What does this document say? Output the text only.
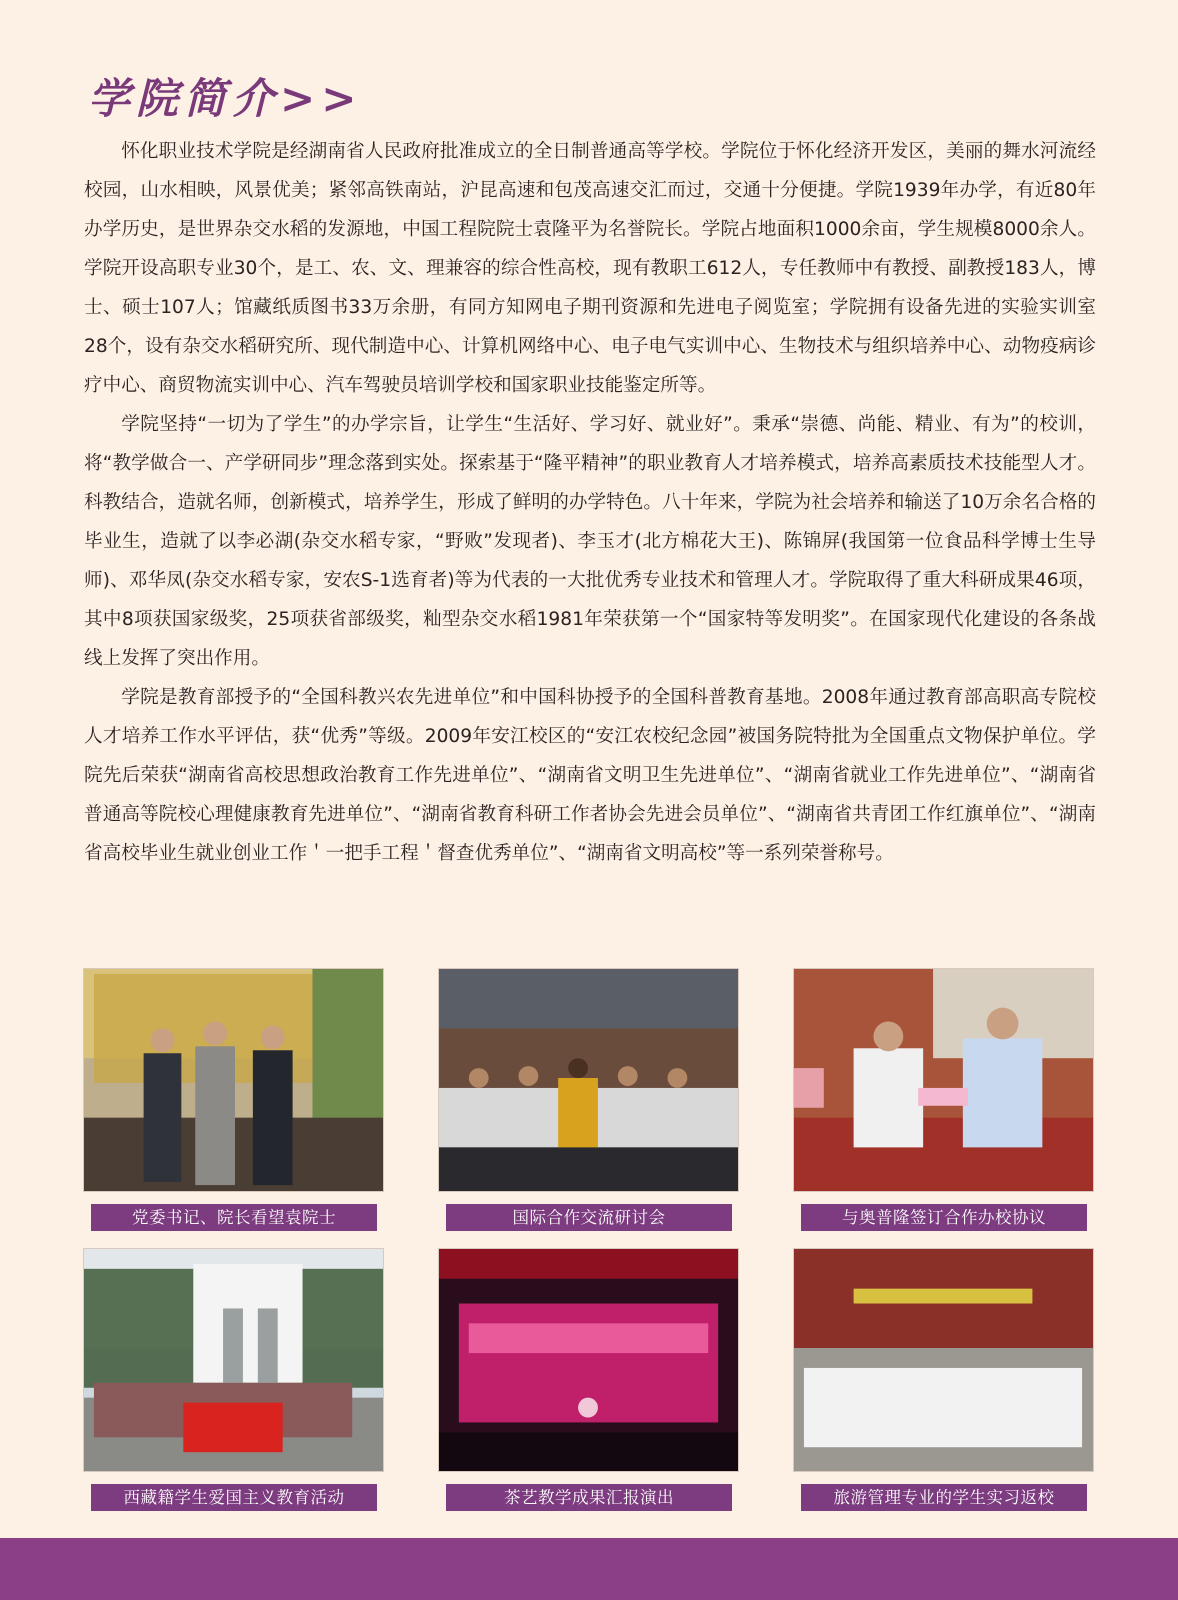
学院简介>>

怀化职业技术学院是经湖南省人民政府批准成立的全日制普通高等学校。学院位于怀化经济开发区，美丽的舞水河流经校园，山水相映，风景优美；紧邻高铁南站，沪昆高速和包茂高速交汇而过，交通十分便捷。学院1939年办学，有近80年办学历史，是世界杂交水稻的发源地，中国工程院院士袁隆平为名誉院长。学院占地面积1000余亩，学生规模8000余人。学院开设高职专业30个，是工、农、文、理兼容的综合性高校，现有教职工612人，专任教师中有教授、副教授183人，博士、硕士107人；馆藏纸质图书33万余册，有同方知网电子期刊资源和先进电子阅览室；学院拥有设备先进的实验实训室28个，设有杂交水稻研究所、现代制造中心、计算机网络中心、电子电气实训中心、生物技术与组织培养中心、动物疫病诊疗中心、商贸物流实训中心、汽车驾驶员培训学校和国家职业技能鉴定所等。

学院坚持“一切为了学生”的办学宗旨，让学生“生活好、学习好、就业好”。秉承“崇德、尚能、精业、有为”的校训，将“教学做合一、产学研同步”理念落到实处。探索基于“隆平精神”的职业教育人才培养模式，培养高素质技术技能型人才。科教结合，造就名师，创新模式，培养学生，形成了鲜明的办学特色。八十年来，学院为社会培养和输送了10万余名合格的毕业生，造就了以李必湖(杂交水稻专家，“野败”发现者)、李玉才(北方棉花大王)、陈锦屏(我国第一位食品科学博士生导师)、邓华凤(杂交水稻专家，安农S-1选育者)等为代表的一大批优秀专业技术和管理人才。学院取得了重大科研成果46项，其中8项获国家级奖，25项获省部级奖，籼型杂交水稻1981年荣获第一个“国家特等发明奖”。在国家现代化建设的各条战线上发挥了突出作用。

学院是教育部授予的“全国科教兴农先进单位”和中国科协授予的全国科普教育基地。2008年通过教育部高职高专院校人才培养工作水平评估，获“优秀”等级。2009年安江校区的“安江农校纪念园”被国务院特批为全国重点文物保护单位。学院先后荣获“湖南省高校思想政治教育工作先进单位”、“湖南省文明卫生先进单位”、“湖南省就业工作先进单位”、“湖南省普通高等院校心理健康教育先进单位”、“湖南省教育科研工作者协会先进会员单位”、“湖南省共青团工作红旗单位”、“湖南省高校毕业生就业创业工作＇一把手工程＇督查优秀单位”、“湖南省文明高校”等一系列荣誉称号。

党委书记、院长看望袁院士	国际合作交流研讨会	与奥普隆签订合作办校协议
西藏籍学生爱国主义教育活动	茶艺教学成果汇报演出	旅游管理专业的学生实习返校
